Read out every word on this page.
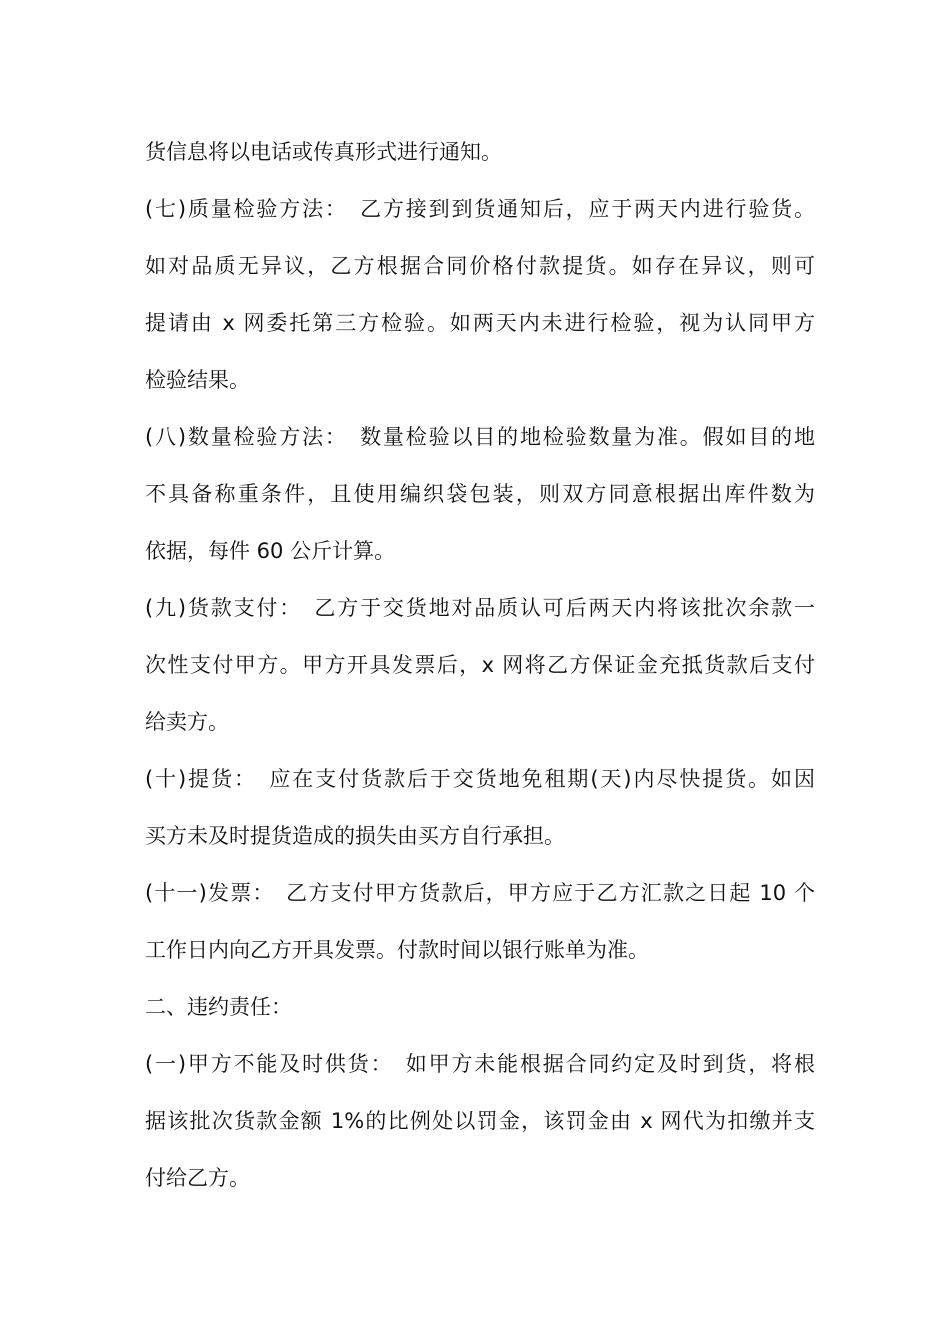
货信息将以电话或传真形式进行通知。
(七)质量检验方法：　乙方接到到货通知后，应于两天内进行验货。
如对品质无异议，乙方根据合同价格付款提货。如存在异议，则可
提请由 x 网委托第三方检验。如两天内未进行检验，视为认同甲方
检验结果。
(八)数量检验方法：　数量检验以目的地检验数量为准。假如目的地
不具备称重条件，且使用编织袋包装，则双方同意根据出库件数为
依据，每件 60 公斤计算。
(九)货款支付：　乙方于交货地对品质认可后两天内将该批次余款一
次性支付甲方。甲方开具发票后，x 网将乙方保证金充抵货款后支付
给卖方。
(十)提货：　应在支付货款后于交货地免租期(天)内尽快提货。如因
买方未及时提货造成的损失由买方自行承担。
(十一)发票：　乙方支付甲方货款后，甲方应于乙方汇款之日起 10 个
工作日内向乙方开具发票。付款时间以银行账单为准。
二、违约责任：
(一)甲方不能及时供货：　如甲方未能根据合同约定及时到货，将根
据该批次货款金额 1%的比例处以罚金，该罚金由 x 网代为扣缴并支
付给乙方。
